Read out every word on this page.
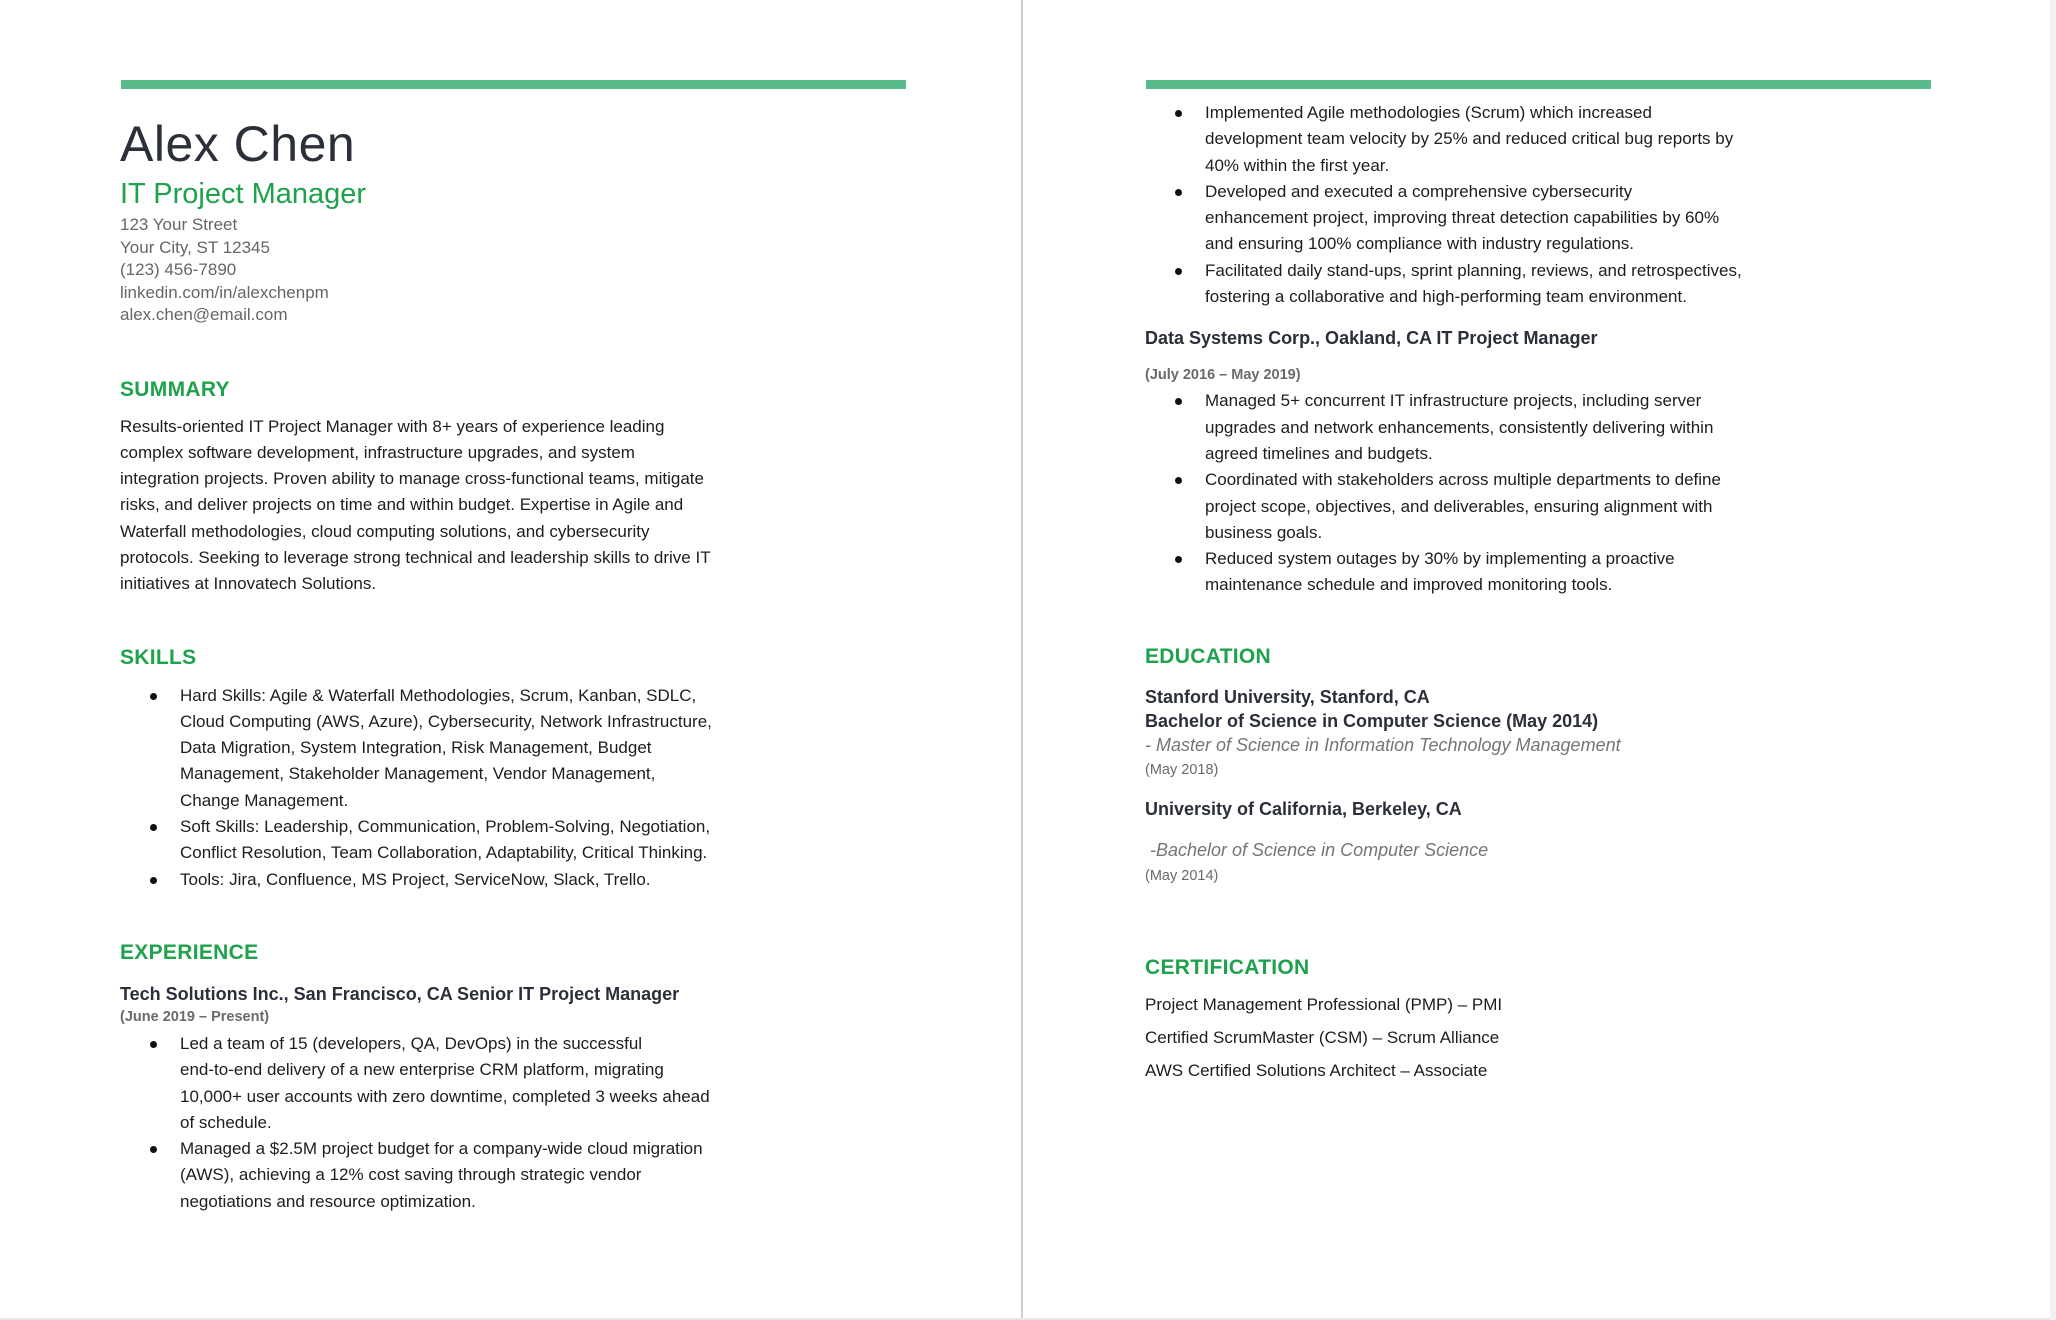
Alex Chen
IT Project Manager
123 Your Street
Your City, ST 12345
(123) 456-7890
linkedin.com/in/alexchenpm
alex.chen@email.com
SUMMARY
Results-oriented IT Project Manager with 8+ years of experience leading
complex software development, infrastructure upgrades, and system
integration projects. Proven ability to manage cross-functional teams, mitigate
risks, and deliver projects on time and within budget. Expertise in Agile and
Waterfall methodologies, cloud computing solutions, and cybersecurity
protocols. Seeking to leverage strong technical and leadership skills to drive IT
initiatives at Innovatech Solutions.
SKILLS
Hard Skills: Agile & Waterfall Methodologies, Scrum, Kanban, SDLC,
Cloud Computing (AWS, Azure), Cybersecurity, Network Infrastructure,
Data Migration, System Integration, Risk Management, Budget
Management, Stakeholder Management, Vendor Management,
Change Management.
Soft Skills: Leadership, Communication, Problem-Solving, Negotiation,
Conflict Resolution, Team Collaboration, Adaptability, Critical Thinking.
Tools: Jira, Confluence, MS Project, ServiceNow, Slack, Trello.
EXPERIENCE
Tech Solutions Inc., San Francisco, CA Senior IT Project Manager
(June 2019 – Present)
Led a team of 15 (developers, QA, DevOps) in the successful
end-to-end delivery of a new enterprise CRM platform, migrating
10,000+ user accounts with zero downtime, completed 3 weeks ahead
of schedule.
Managed a $2.5M project budget for a company-wide cloud migration
(AWS), achieving a 12% cost saving through strategic vendor
negotiations and resource optimization.
Implemented Agile methodologies (Scrum) which increased
development team velocity by 25% and reduced critical bug reports by
40% within the first year.
Developed and executed a comprehensive cybersecurity
enhancement project, improving threat detection capabilities by 60%
and ensuring 100% compliance with industry regulations.
Facilitated daily stand-ups, sprint planning, reviews, and retrospectives,
fostering a collaborative and high-performing team environment.
Data Systems Corp., Oakland, CA IT Project Manager
(July 2016 – May 2019)
Managed 5+ concurrent IT infrastructure projects, including server
upgrades and network enhancements, consistently delivering within
agreed timelines and budgets.
Coordinated with stakeholders across multiple departments to define
project scope, objectives, and deliverables, ensuring alignment with
business goals.
Reduced system outages by 30% by implementing a proactive
maintenance schedule and improved monitoring tools.
EDUCATION
Stanford University, Stanford, CA
Bachelor of Science in Computer Science (May 2014)
- Master of Science in Information Technology Management
(May 2018)
University of California, Berkeley, CA
-Bachelor of Science in Computer Science
(May 2014)
CERTIFICATION
Project Management Professional (PMP) – PMI
Certified ScrumMaster (CSM) – Scrum Alliance
AWS Certified Solutions Architect – Associate
